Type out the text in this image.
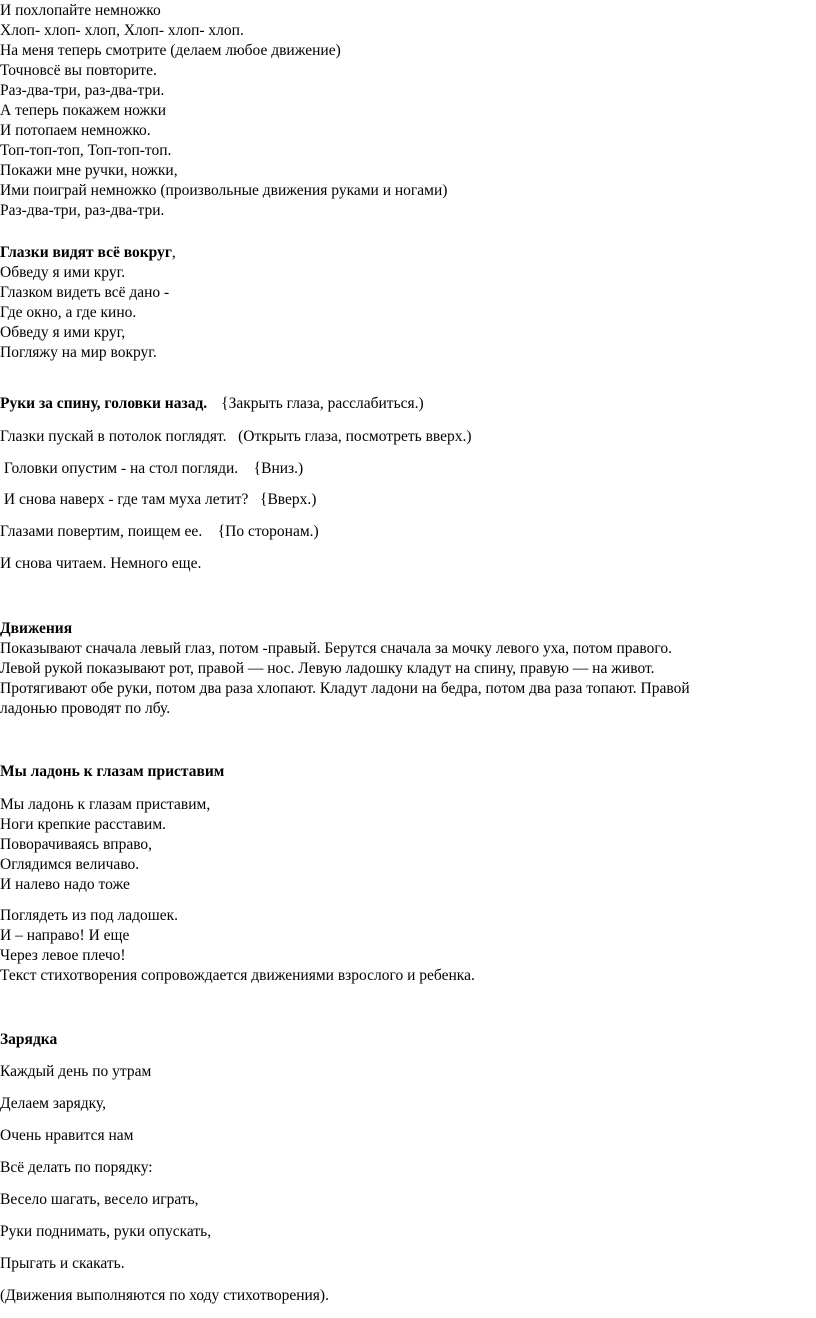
И похлопайте немножко
Хлоп- хлоп- хлоп, Хлоп- хлоп- хлоп.
На меня теперь смотрите (делаем любое движение)
Точновсё вы повторите.
Раз-два-три, раз-два-три.
А теперь покажем ножки
И потопаем немножко.
Топ-топ-топ, Топ-топ-топ.
Покажи мне ручки, ножки,
Ими поиграй немножко (произвольные движения руками и ногами)
Раз-два-три, раз-два-три.
Глазки видят всё вокруг,
Обведу я ими круг.
Глазком видеть всё дано -
Где окно, а где кино.
Обведу я ими круг,
Погляжу на мир вокруг.
Руки за спину, головки назад. {Закрыть глаза, расслабиться.)
Глазки пускай в потолок поглядят.   (Открыть глаза, посмотреть вверх.)
Головки опустим - на стол погляди.    {Вниз.)
И снова наверх - где там муха летит?   {Вверх.)
Глазами повертим, поищем ее.    {По сторонам.)
И снова читаем. Немного еще.
Движения
Показывают сначала левый глаз, потом -правый. Берутся сначала за мочку левого уха, потом правого.
Левой рукой показывают рот, правой — нос. Левую ладошку кладут на спину, правую — на живот.
Протягивают обе руки, потом два раза хлопают. Кладут ладони на бедра, потом два раза топают. Правой
ладонью проводят по лбу.
Мы ладонь к глазам приставим
Мы ладонь к глазам приставим,
Ноги крепкие расставим.
Поворачиваясь вправо,
Оглядимся величаво.
И налево надо тоже
Поглядеть из под ладошек.
И – направо! И еще
Через левое плечо!
Текст стихотворения сопровождается движениями взрослого и ребенка.
Зарядка
Каждый день по утрам
Делаем зарядку,
Очень нравится нам
Всё делать по порядку:
Весело шагать, весело играть,
Руки поднимать, руки опускать,
Прыгать и скакать.
(Движения выполняются по ходу стихотворения).
